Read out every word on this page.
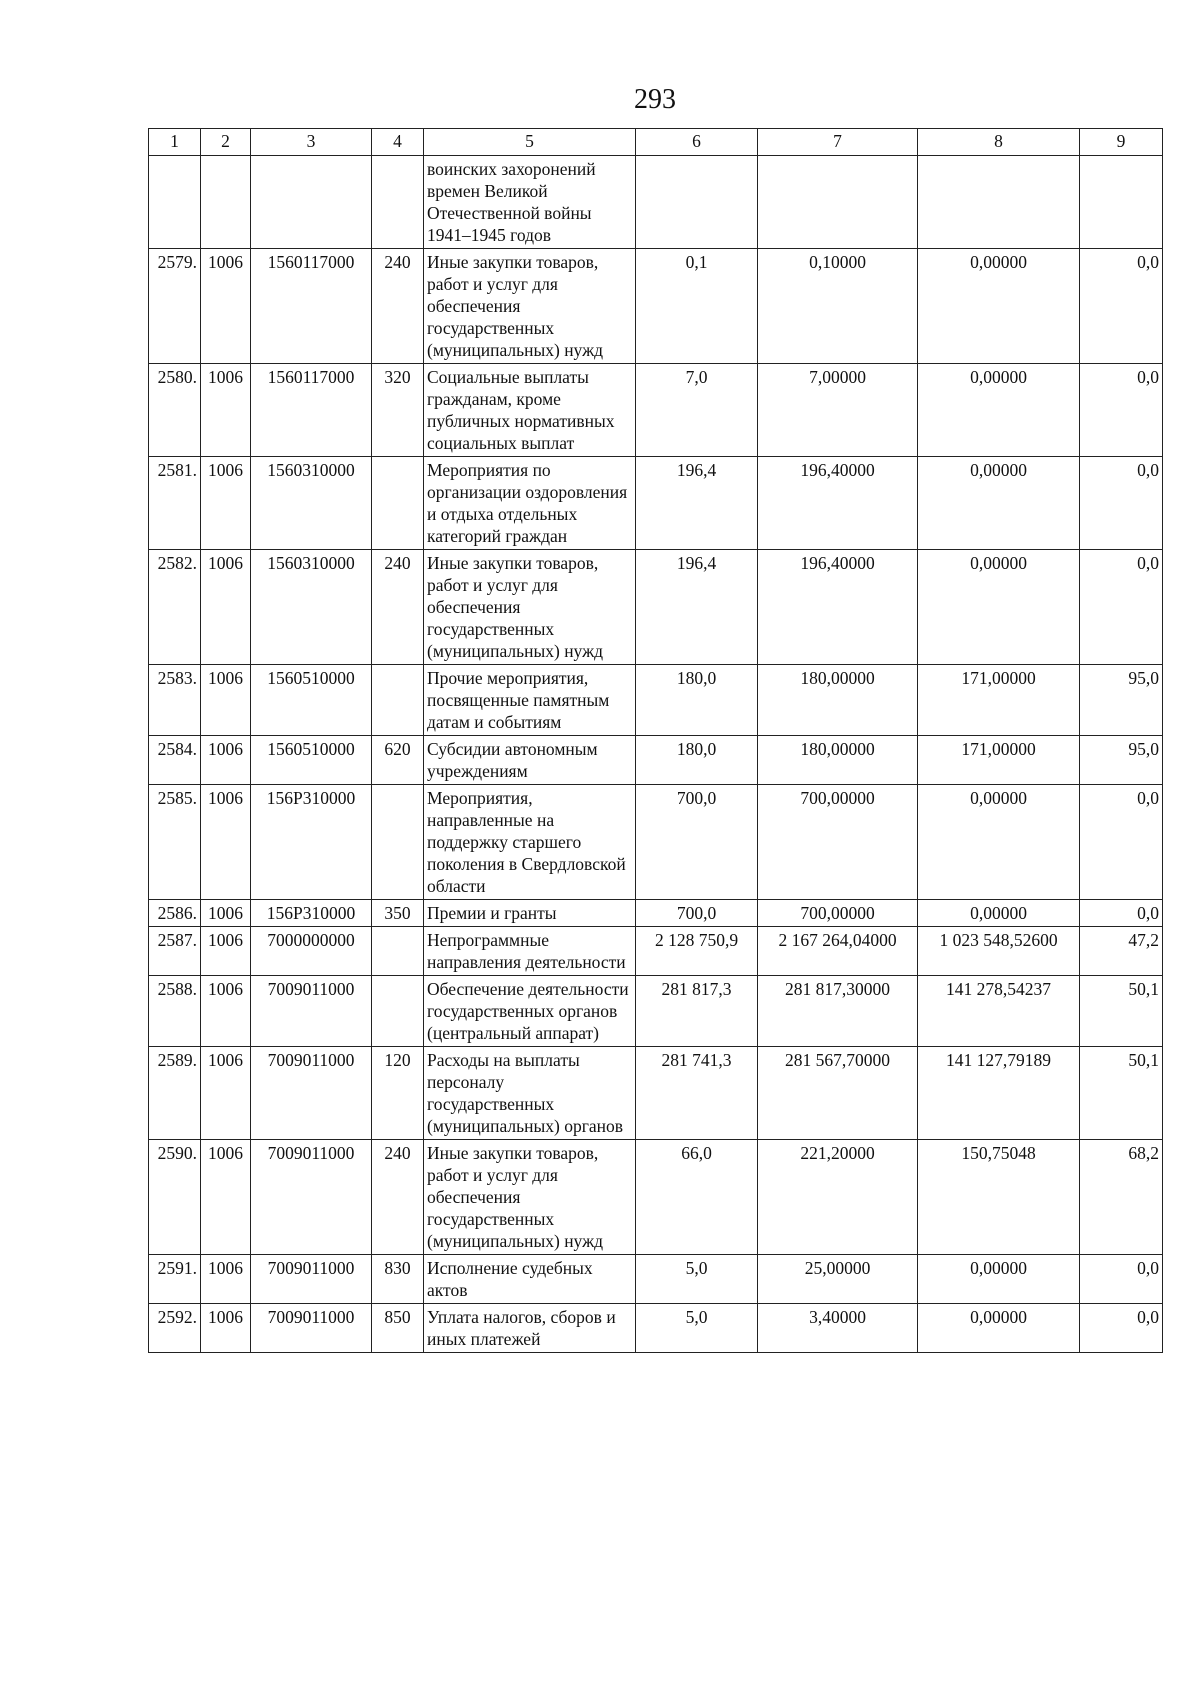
293
1	2	3	4	5	6	7	8	9
				воинских захоронений времен Великой Отечественной войны 1941–1945 годов				
2579.	1006	1560117000	240	Иные закупки товаров, работ и услуг для обеспечения государственных (муниципальных) нужд	0,1	0,10000	0,00000	0,0
2580.	1006	1560117000	320	Социальные выплаты гражданам, кроме публичных нормативных социальных выплат	7,0	7,00000	0,00000	0,0
2581.	1006	1560310000		Мероприятия по организации оздоровления и отдыха отдельных категорий граждан	196,4	196,40000	0,00000	0,0
2582.	1006	1560310000	240	Иные закупки товаров, работ и услуг для обеспечения государственных (муниципальных) нужд	196,4	196,40000	0,00000	0,0
2583.	1006	1560510000		Прочие мероприятия, посвященные памятным датам и событиям	180,0	180,00000	171,00000	95,0
2584.	1006	1560510000	620	Субсидии автономным учреждениям	180,0	180,00000	171,00000	95,0
2585.	1006	156P310000		Мероприятия, направленные на поддержку старшего поколения в Свердловской области	700,0	700,00000	0,00000	0,0
2586.	1006	156P310000	350	Премии и гранты	700,0	700,00000	0,00000	0,0
2587.	1006	7000000000		Непрограммные направления деятельности	2 128 750,9	2 167 264,04000	1 023 548,52600	47,2
2588.	1006	7009011000		Обеспечение деятельности государственных органов (центральный аппарат)	281 817,3	281 817,30000	141 278,54237	50,1
2589.	1006	7009011000	120	Расходы на выплаты персоналу государственных (муниципальных) органов	281 741,3	281 567,70000	141 127,79189	50,1
2590.	1006	7009011000	240	Иные закупки товаров, работ и услуг для обеспечения государственных (муниципальных) нужд	66,0	221,20000	150,75048	68,2
2591.	1006	7009011000	830	Исполнение судебных актов	5,0	25,00000	0,00000	0,0
2592.	1006	7009011000	850	Уплата налогов, сборов и иных платежей	5,0	3,40000	0,00000	0,0
